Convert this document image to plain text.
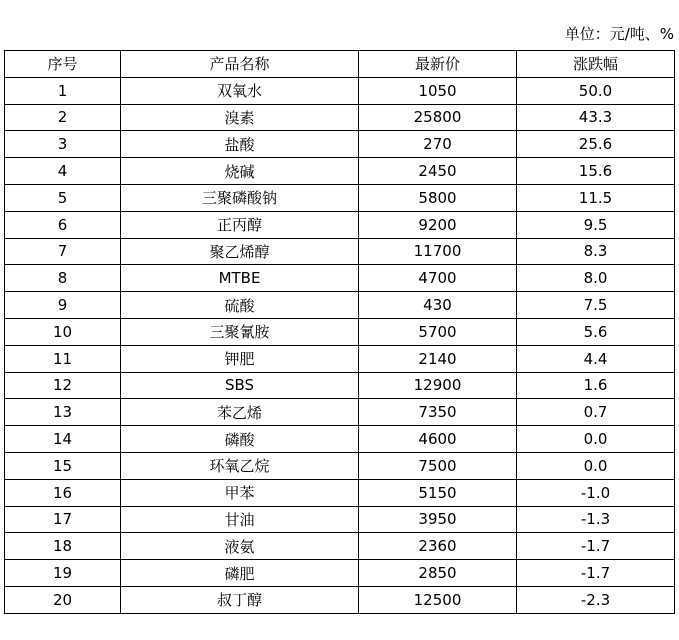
单位：元/吨、%
序号	产品名称	最新价	涨跌幅
1	双氧水	1050	50.0
2	溴素	25800	43.3
3	盐酸	270	25.6
4	烧碱	2450	15.6
5	三聚磷酸钠	5800	11.5
6	正丙醇	9200	9.5
7	聚乙烯醇	11700	8.3
8	MTBE	4700	8.0
9	硫酸	430	7.5
10	三聚氰胺	5700	5.6
11	钾肥	2140	4.4
12	SBS	12900	1.6
13	苯乙烯	7350	0.7
14	磷酸	4600	0.0
15	环氧乙烷	7500	0.0
16	甲苯	5150	-1.0
17	甘油	3950	-1.3
18	液氨	2360	-1.7
19	磷肥	2850	-1.7
20	叔丁醇	12500	-2.3
